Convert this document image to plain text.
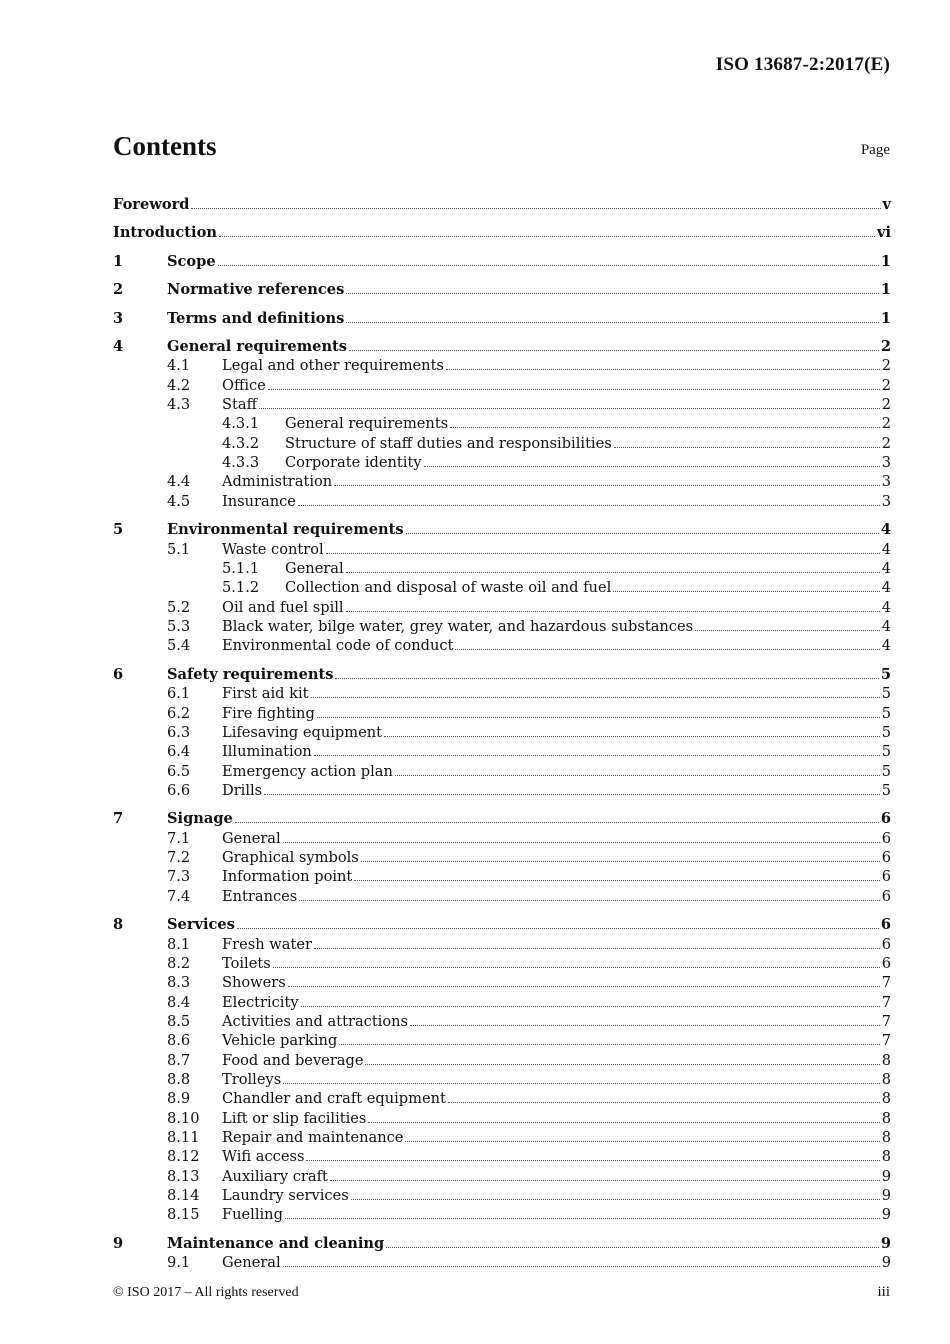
ISO 13687-2:2017(E)
Contents	Page
Foreword	v
Introduction	vi
1	Scope	1
2	Normative references	1
3	Terms and definitions	1
4	General requirements	2
4.1	Legal and other requirements	2
4.2	Office	2
4.3	Staff	2
4.3.1	General requirements	2
4.3.2	Structure of staff duties and responsibilities	2
4.3.3	Corporate identity	3
4.4	Administration	3
4.5	Insurance	3
5	Environmental requirements	4
5.1	Waste control	4
5.1.1	General	4
5.1.2	Collection and disposal of waste oil and fuel	4
5.2	Oil and fuel spill	4
5.3	Black water, bilge water, grey water, and hazardous substances	4
5.4	Environmental code of conduct	4
6	Safety requirements	5
6.1	First aid kit	5
6.2	Fire fighting	5
6.3	Lifesaving equipment	5
6.4	Illumination	5
6.5	Emergency action plan	5
6.6	Drills	5
7	Signage	6
7.1	General	6
7.2	Graphical symbols	6
7.3	Information point	6
7.4	Entrances	6
8	Services	6
8.1	Fresh water	6
8.2	Toilets	6
8.3	Showers	7
8.4	Electricity	7
8.5	Activities and attractions	7
8.6	Vehicle parking	7
8.7	Food and beverage	8
8.8	Trolleys	8
8.9	Chandler and craft equipment	8
8.10	Lift or slip facilities	8
8.11	Repair and maintenance	8
8.12	Wifi access	8
8.13	Auxiliary craft	9
8.14	Laundry services	9
8.15	Fuelling	9
9	Maintenance and cleaning	9
9.1	General	9
© ISO 2017 – All rights reserved	iii
